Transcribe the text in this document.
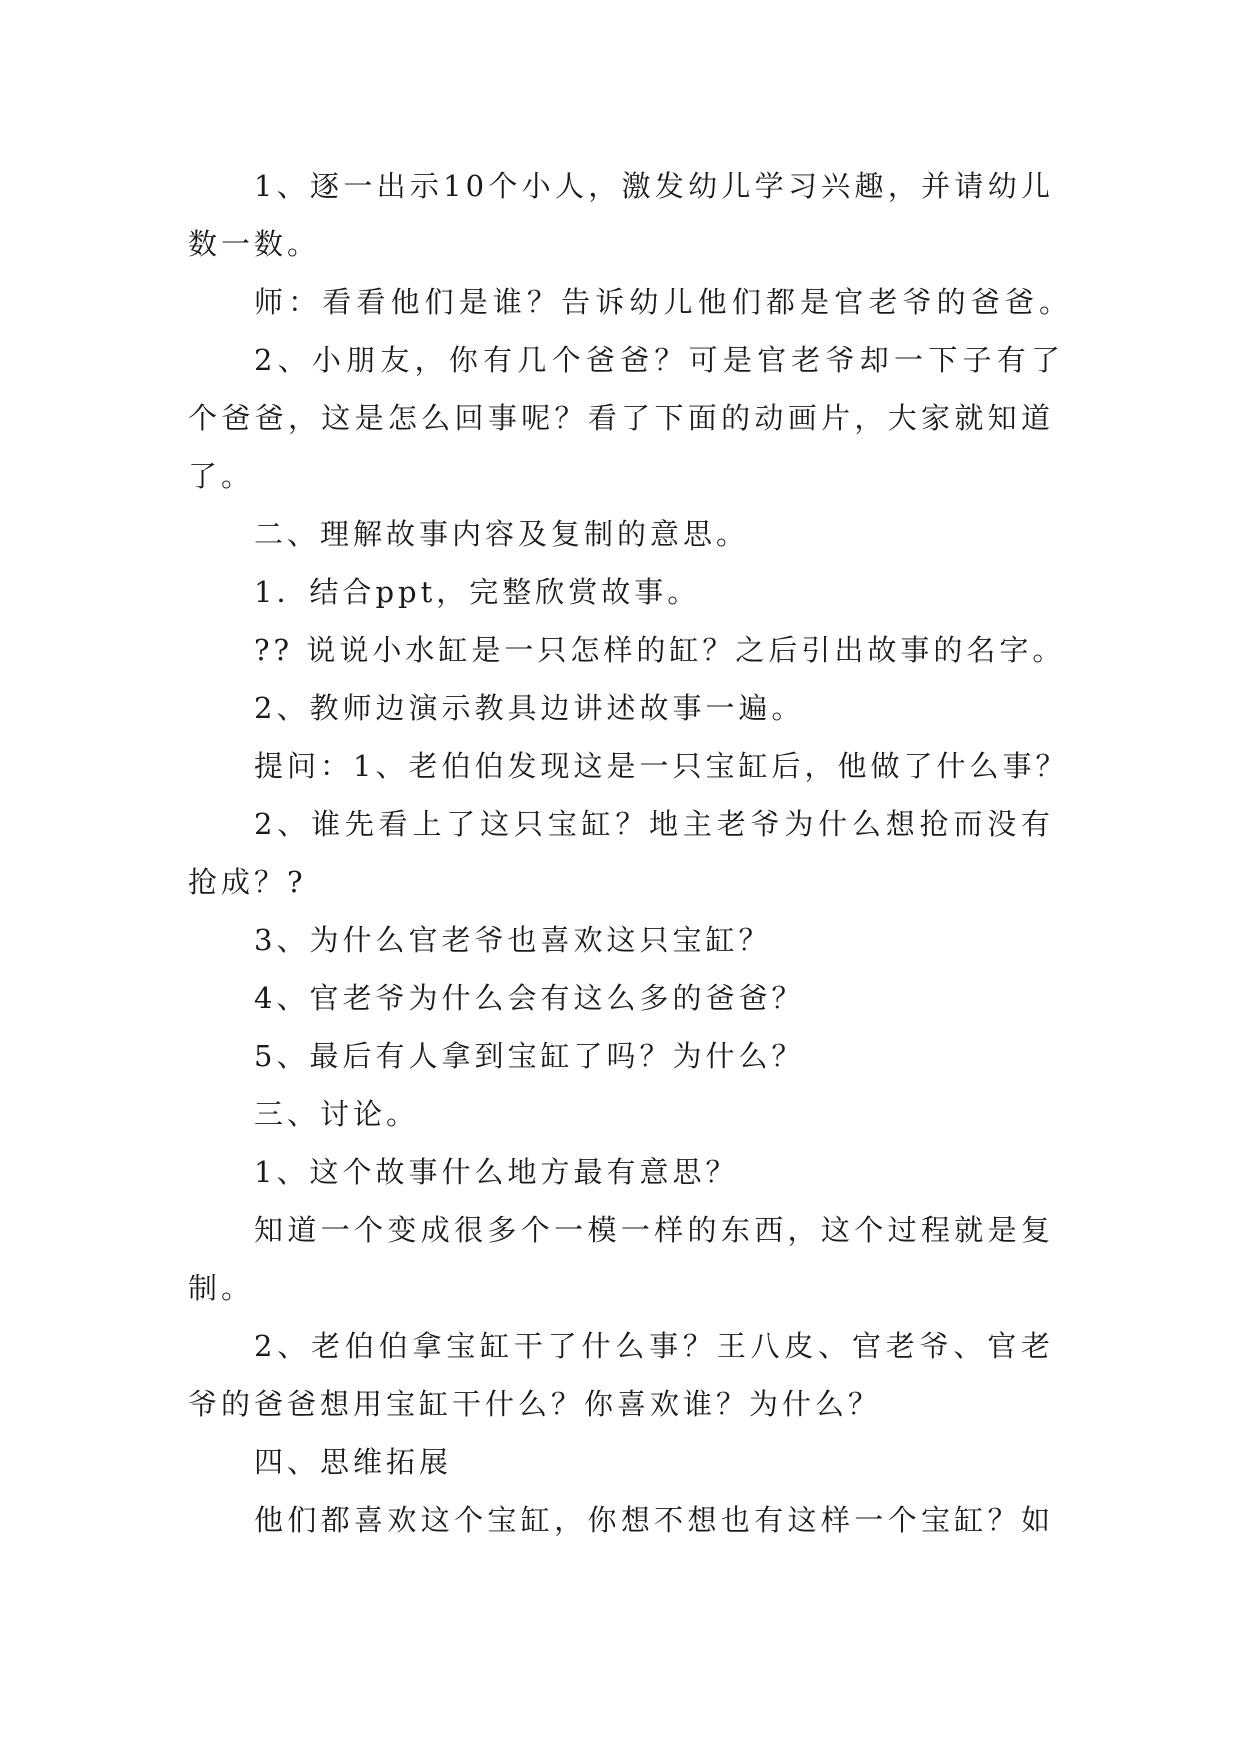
1、逐一出示10个小人，激发幼儿学习兴趣，并请幼儿
数一数。
师：看看他们是谁？告诉幼儿他们都是官老爷的爸爸。
2、小朋友，你有几个爸爸？可是官老爷却一下子有了
个爸爸，这是怎么回事呢？看了下面的动画片，大家就知道
了。
二、理解故事内容及复制的意思。
1．结合ppt，完整欣赏故事。
?? 说说小水缸是一只怎样的缸？之后引出故事的名字。
2、教师边演示教具边讲述故事一遍。
提问：1、老伯伯发现这是一只宝缸后，他做了什么事？
2、谁先看上了这只宝缸？地主老爷为什么想抢而没有
抢成？?
3、为什么官老爷也喜欢这只宝缸？
4、官老爷为什么会有这么多的爸爸？
5、最后有人拿到宝缸了吗？为什么？
三、讨论。
1、这个故事什么地方最有意思？
知道一个变成很多个一模一样的东西，这个过程就是复
制。
2、老伯伯拿宝缸干了什么事？王八皮、官老爷、官老
爷的爸爸想用宝缸干什么？你喜欢谁？为什么？
四、思维拓展
他们都喜欢这个宝缸，你想不想也有这样一个宝缸？如
